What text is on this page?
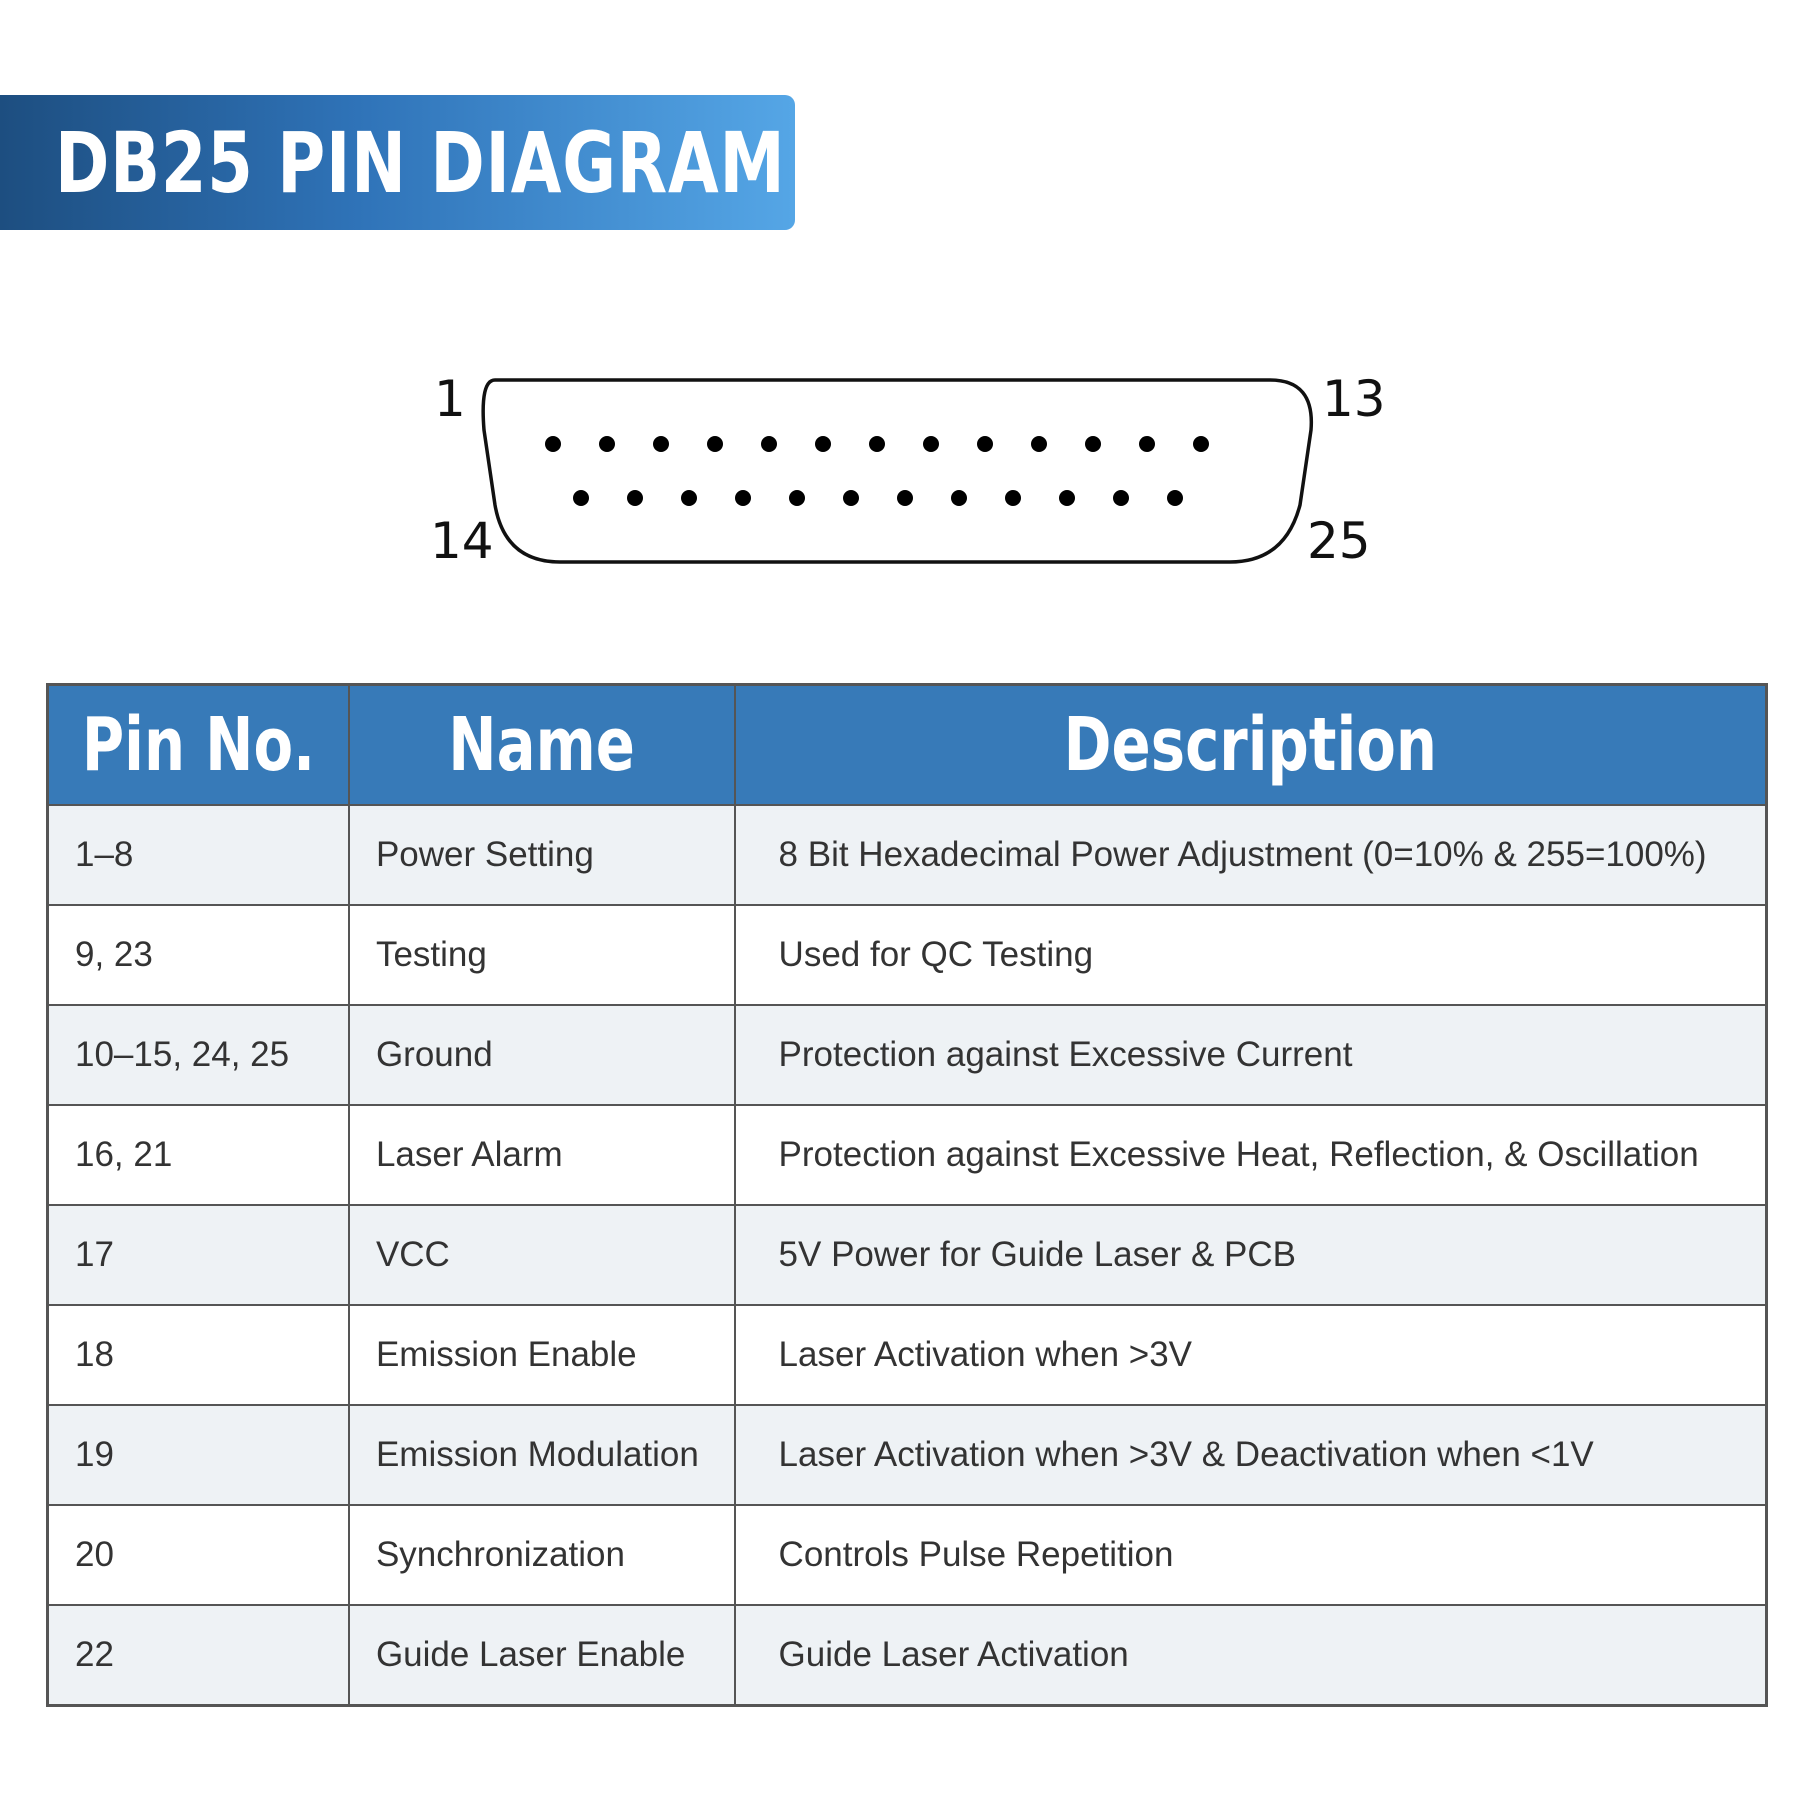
DB25 PIN DIAGRAM
1	13
14	25
Pin No.	Name	Description
1–8	Power Setting	8 Bit Hexadecimal Power Adjustment (0=10% & 255=100%)
9, 23	Testing	Used for QC Testing
10–15, 24, 25	Ground	Protection against Excessive Current
16, 21	Laser Alarm	Protection against Excessive Heat, Reflection, & Oscillation
17	VCC	5V Power for Guide Laser & PCB
18	Emission Enable	Laser Activation when >3V
19	Emission Modulation	Laser Activation when >3V & Deactivation when <1V
20	Synchronization	Controls Pulse Repetition
22	Guide Laser Enable	Guide Laser Activation
